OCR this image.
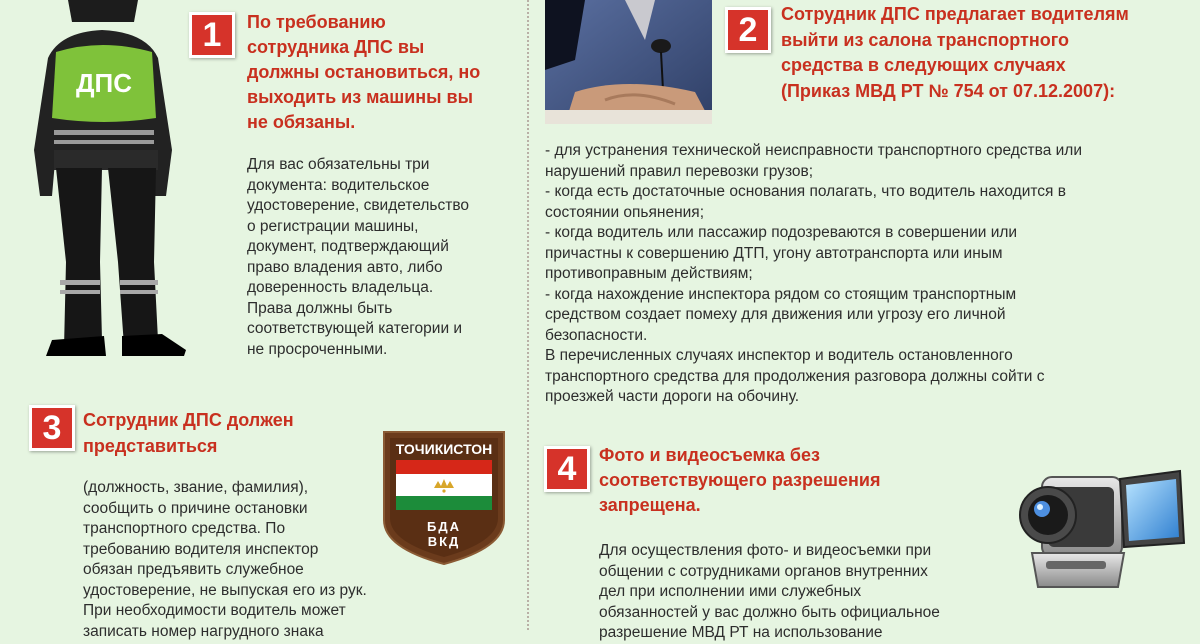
ДПС
1 По требованию
сотрудника ДПС вы
должны остановиться, но
выходить из машины вы
не обязаны.
Для вас обязательны три
документа: водительское
удостоверение, свидетельство
о регистрации машины,
документ, подтверждающий
право владения авто, либо
доверенность владельца.
Права должны быть
соответствующей категории и
не просроченными.
2 Сотрудник ДПС предлагает водителям
выйти из салона транспортного
средства в следующих случаях
(Приказ МВД РТ № 754 от 07.12.2007):
- для устранения технической неисправности транспортного средства или
нарушений правил перевозки грузов;
- когда есть достаточные основания полагать, что водитель находится в
состоянии опьянения;
- когда водитель или пассажир подозреваются в совершении или
причастны к совершению ДТП, угону автотранспорта или иным
противоправным действиям;
- когда нахождение инспектора рядом со стоящим транспортным
средством создает помеху для движения или угрозу его личной
безопасности.
В перечисленных случаях инспектор и водитель остановленного
транспортного средства для продолжения разговора должны сойти с
проезжей части дороги на обочину.
3 Сотрудник ДПС должен
представиться	ТОЧИКИСТОН
БДА
ВКД
(должность, звание, фамилия),
сообщить о причине остановки
транспортного средства. По
требованию водителя инспектор
обязан предъявить служебное
удостоверение, не выпуская его из рук.
При необходимости водитель может
записать номер нагрудного знака
4 Фото и видеосъемка без
соответствующего разрешения
запрещена.
Для осуществления фото- и видеосъемки при
общении с сотрудниками органов внутренних
дел при исполнении ими служебных
обязанностей у вас должно быть официальное
разрешение МВД РТ на использование
